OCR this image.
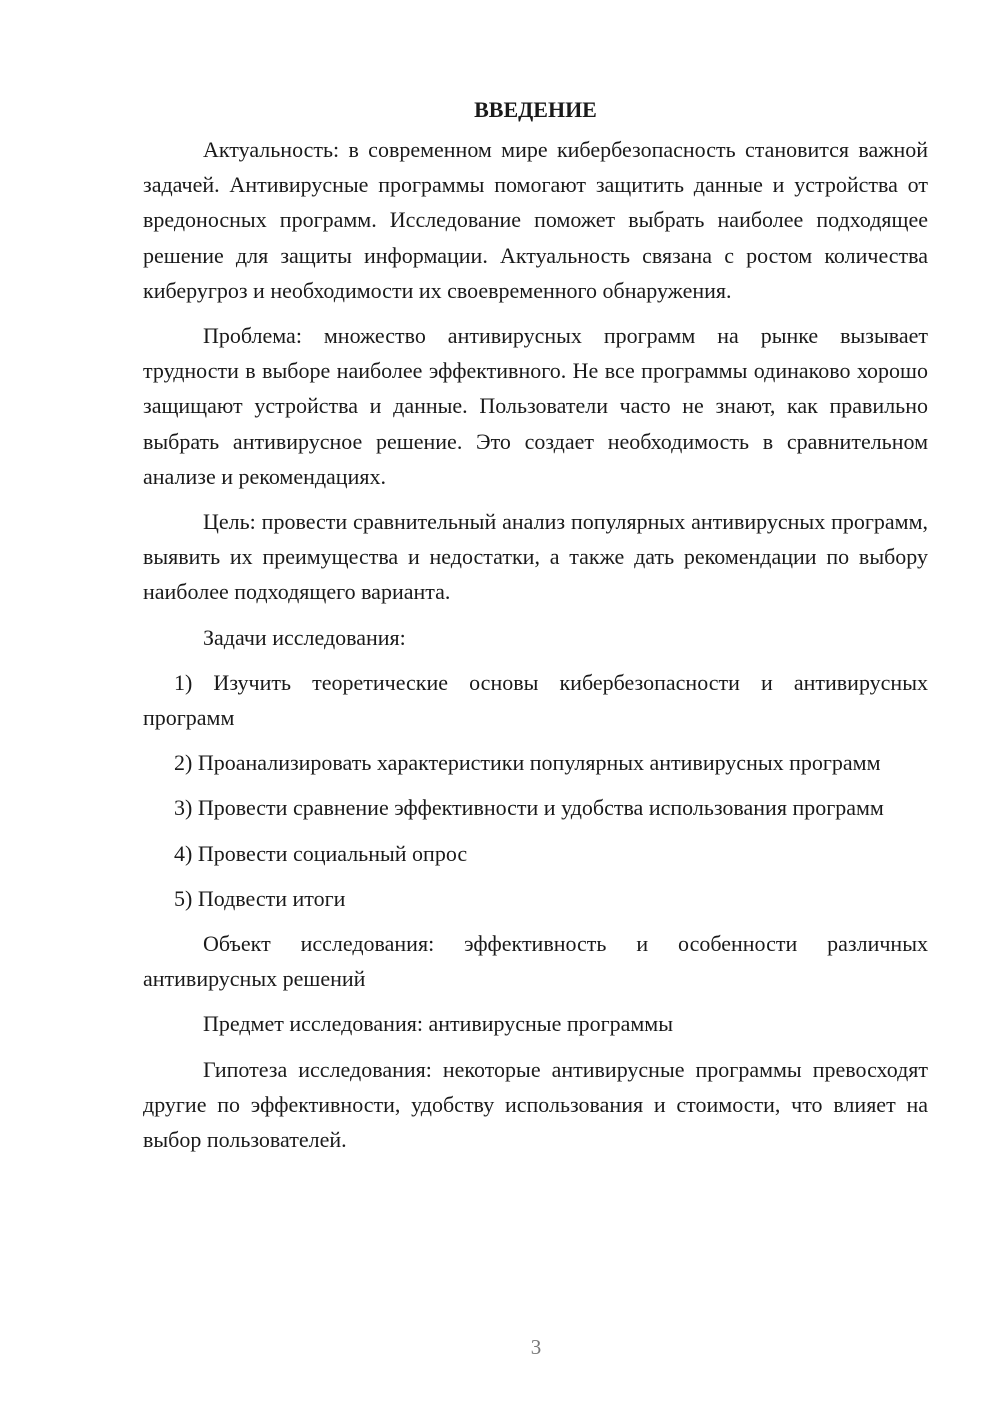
ВВЕДЕНИЕ

Актуальность: в современном мире кибербезопасность становится важной задачей. Антивирусные программы помогают защитить данные и устройства от вредоносных программ. Исследование поможет выбрать наиболее подходящее решение для защиты информации. Актуальность связана с ростом количества киберугроз и необходимости их своевременного обнаружения.

Проблема: множество антивирусных программ на рынке вызывает трудности в выборе наиболее эффективного. Не все программы одинаково хорошо защищают устройства и данные. Пользователи часто не знают, как правильно выбрать антивирусное решение. Это создает необходимость в сравнительном анализе и рекомендациях.

Цель: провести сравнительный анализ популярных антивирусных программ, выявить их преимущества и недостатки, а также дать рекомендации по выбору наиболее подходящего варианта.

Задачи исследования:

1) Изучить теоретические основы кибербезопасности и антивирусных программ

2) Проанализировать характеристики популярных антивирусных программ

3) Провести сравнение эффективности и удобства использования программ

4) Провести социальный опрос

5) Подвести итоги

Объект исследования: эффективность и особенности различных антивирусных решений

Предмет исследования: антивирусные программы

Гипотеза исследования: некоторые антивирусные программы превосходят другие по эффективности, удобству использования и стоимости, что влияет на выбор пользователей.

3
